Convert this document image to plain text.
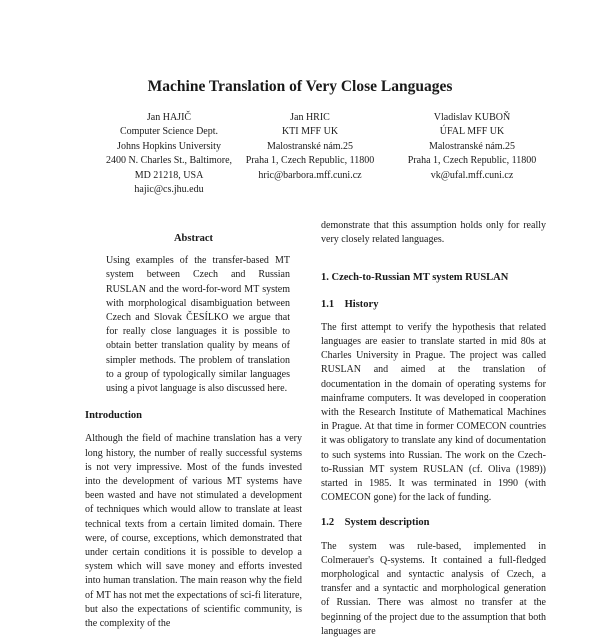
Machine Translation of Very Close Languages
Jan HAJIČ
Computer Science Dept.
Johns Hopkins University
2400 N. Charles St., Baltimore,
MD 21218, USA
hajic@cs.jhu.edu
Jan HRIC
KTI MFF UK
Malostranské nám.25
Praha 1, Czech Republic, 11800
hric@barbora.mff.cuni.cz
Vladislav KUBOŇ
ÚFAL MFF UK
Malostranské nám.25
Praha 1, Czech Republic, 11800
vk@ufal.mff.cuni.cz
Abstract
Using examples of the transfer-based MT system between Czech and Russian RUSLAN and the word-for-word MT system with morphological disambiguation between Czech and Slovak ČESÍLKO we argue that for really close languages it is possible to obtain better translation quality by means of simpler methods. The problem of translation to a group of typologically similar languages using a pivot language is also discussed here.
Introduction
Although the field of machine translation has a very long history, the number of really successful systems is not very impressive. Most of the funds invested into the development of various MT systems have been wasted and have not stimulated a development of techniques which would allow to translate at least technical texts from a certain limited domain. There were, of course, exceptions, which demonstrated that under certain conditions it is possible to develop a system which will save money and efforts invested into human translation. The main reason why the field of MT has not met the expectations of sci-fi literature, but also the expectations of scientific community, is the complexity of the
demonstrate that this assumption holds only for really very closely related languages.
1. Czech-to-Russian MT system RUSLAN
1.1    History
The first attempt to verify the hypothesis that related languages are easier to translate started in mid 80s at Charles University in Prague. The project was called RUSLAN and aimed at the translation of documentation in the domain of operating systems for mainframe computers. It was developed in cooperation with the Research Institute of Mathematical Machines in Prague. At that time in former COMECON countries it was obligatory to translate any kind of documentation to such systems into Russian. The work on the Czech-to-Russian MT system RUSLAN (cf. Oliva (1989)) started in 1985. It was terminated in 1990 (with COMECON gone) for the lack of funding.
1.2    System description
The system was rule-based, implemented in Colmerauer's Q-systems. It contained a full-fledged morphological and syntactic analysis of Czech, a transfer and a syntactic and morphological generation of Russian. There was almost no transfer at the beginning of the project due to the assumption that both languages are
